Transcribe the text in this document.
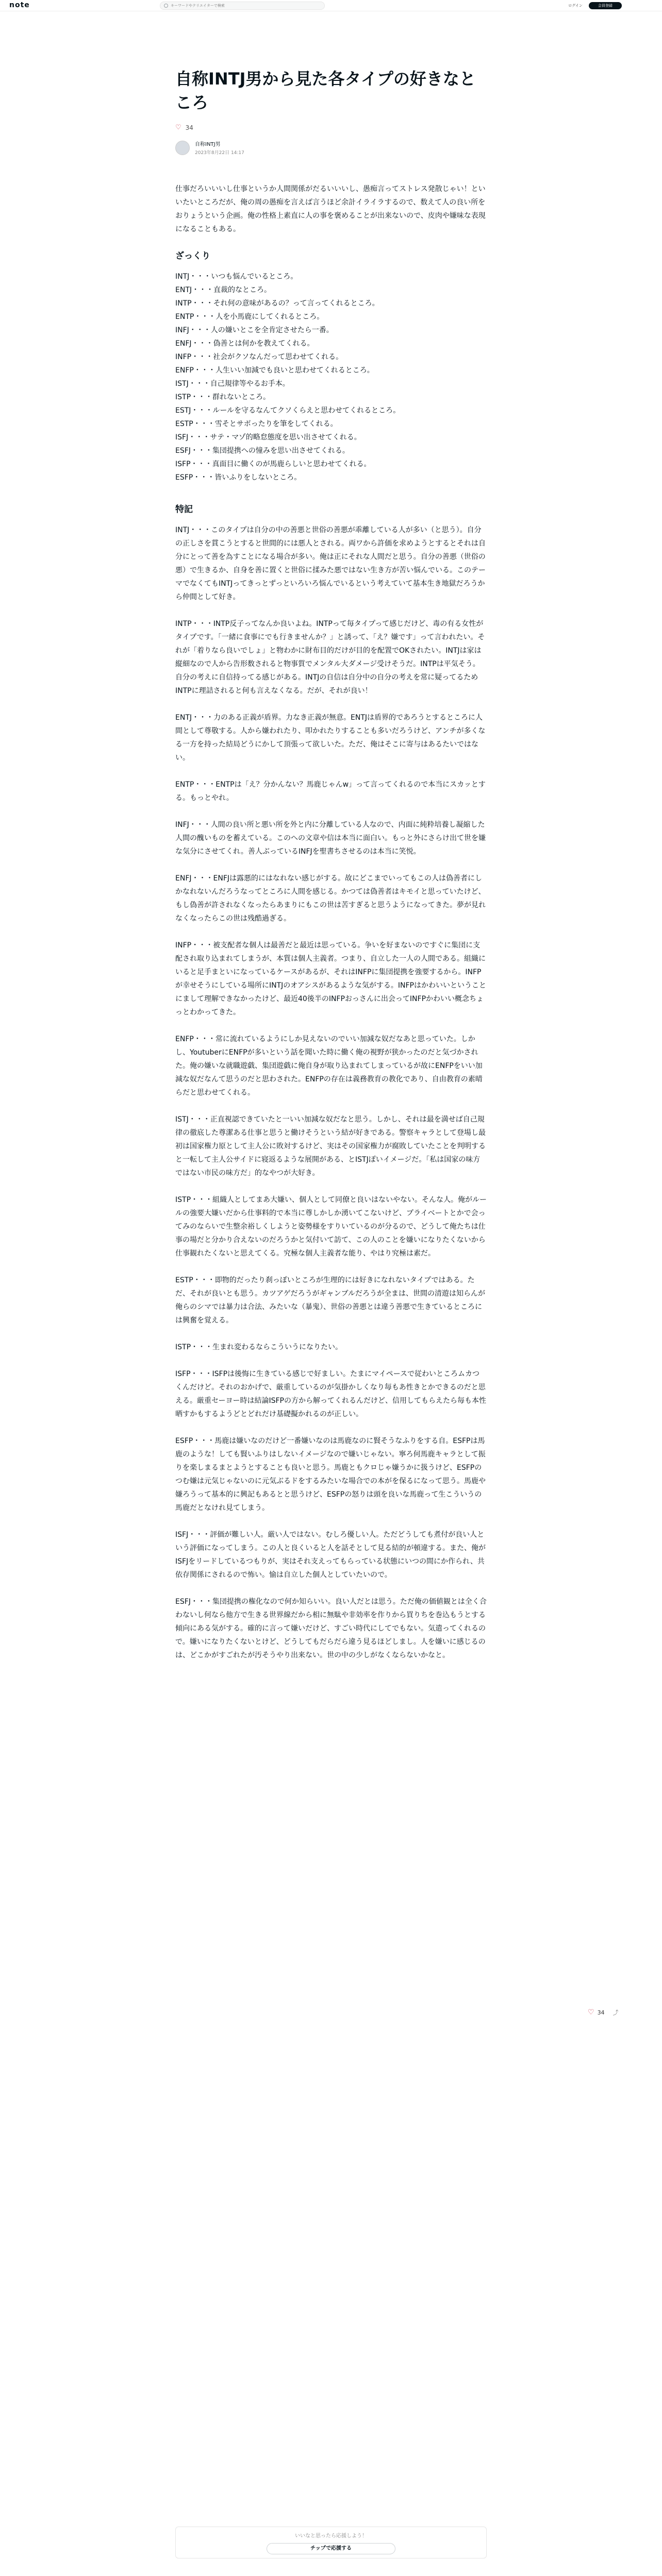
note
キーワードやクリエイターで検索	ログイン	会員登録
自称INTJ男から見た各タイプの好きなところ
♡ 34
自称INTJ男
2023年8月22日 14:17

仕事だろいいいし仕事というか人間関係がだるいいいし、愚痴言ってストレス発散じゃい！といいたいところだが、俺の周の愚痴を言えば言うほど余計イライラするので、数えて人の良い所をおりょうという企画。俺の性格上素直に人の事を褒めることが出来ないので、皮肉や嫌味な表現になることもある。

ざっくり
INTJ・・・いつも悩んでいるところ。
ENTJ・・・直裁的なところ。
INTP・・・それ何の意味があるの？って言ってくれるところ。
ENTP・・・人を小馬鹿にしてくれるところ。
INFJ・・・人の嫌いとこを全肯定させたら一番。
ENFJ・・・偽善とは何かを教えてくれる。
INFP・・・社会がクソなんだって思わせてくれる。
ENFP・・・人生いい加減でも良いと思わせてくれるところ。
ISTJ・・・自己規律等やるお手本。
ISTP・・・群れないところ。
ESTJ・・・ルールを守るなんてクソくらえと思わせてくれるところ。
ESTP・・・雪そとサボったりを筆をしてくれる。
ISFJ・・・サテ・マゾ的略怠態度を思い出させてくれる。
ESFJ・・・集団提携への憧みを思い出させてくれる。
ISFP・・・真面目に働くのが馬鹿らしいと思わせてくれる。
ESFP・・・皆いふりをしないところ。
特記

INTJ・・・このタイプは自分の中の善悪と世俗の善悪が乖離している人が多い（と思う）。自分の正しさを貫こうとすると世間的には悪人とされる。両ワから許価を求めようとするとそれは自分にとって善を為すことになる場合が多い。俺は正にそれな人間だと思う。自分の善悪（世俗の悪）で生きるか、自身を善に置くと世俗に揉みた悪ではない生き方が苦い悩んでいる。このテーマでなくてもINTJってきっとずっといろいろ悩んでいるという考えていて基本生き地獄だろうから仲間として好き。

INTP・・・INTP反子ってなんか良いよね。INTPって毎タイプって感じだけど、毒の有る女性がタイプです。「一緒に食事にでも行きませんか？」と誘って、「え？嫌です」って言われたい。それが「着りなら良いでしょ」と物わかに財布目的だけが目的を配置でOKされたい。INTJは家は縦細なので人から告形数されると物事質でメンタル大ダメージ受けそうだ。INTPは平気そう。自分の考えに自信持ってる感じがある。INTJの自信は自分中の自分の考えを常に疑ってるためINTPに理詰されると何も言えなくなる。だが、それが良い！

ENTJ・・・力のある正義が盾界。力なき正義が無意。ENTJは盾界的であろうとするところに人間として尊敬する。人から嫌われたり、叩かれたりすることも多いだろうけど、アンチが多くなる一方を持った結局どうにかして頂張って欲しいた。ただ、俺はそこに寄与はあるたいではない。

ENTP・・・ENTPは「え？分かんない？馬鹿じゃんw」って言ってくれるので本当にスカッとする。もっとやれ。

INFJ・・・人間の良い所と悪い所を外と内に分離している人なので、内面に純粋培養し凝縮した人間の醜いものを蓄えている。このへの文章や信は本当に面白い。もっと外にさらけ出て世を嫌な気分にさせてくれ。善人ぶっているINFJを聖書ちさせるのは本当に笑悦。

ENFJ・・・ENFJは露悪的にはなれない感じがする。故にどこまでいってもこの人は偽善者にしかなれないんだろうなってところに人間を感じる。かつては偽善者はキモイと思っていたけど、もし偽善が許されなくなったらあまりにもこの世は苦すぎると思うようになってきた。夢が見れなくなったらこの世は残酷過ぎる。

INFP・・・被支配者な個人は最善だと最近は思っている。争いを好まないのですぐに集団に支配され取り込まれてしまうが、本質は個人主義者。つまり、自立した一人の人間である。組織にいると足手まといになっているケースがあるが、それはINFPに集団提携を強要するから。INFPが幸せそうにしている場所にINTJのオアシスがあるような気がする。INFPはかわいいということにまして理解できなかったけど、最近40後半のINFPおっさんに出会ってINFPかわいい概念ちょっとわかってきた。

ENFP・・・常に流れているようにしか見えないのでいい加減な奴だなあと思っていた。しかし、YoutuberにENFPが多いという話を聞いた時に働く俺の視野が狭かったのだと気づかされた。俺の嫌いな就職遊戯、集団遊戯に俺自身が取り込まれてしまっているが故にENFPをいい加減な奴だなんて思うのだと思わされた。ENFPの存在は義務教育の教化であり、自由教育の素晴らだと思わせてくれる。

ISTJ・・・正直視認できていたと一いい加減な奴だなと思う。しかし、それは最を満せば自己規律の徹底した尊潔ある仕事と思うと働けそうという結が好きである。警察キャラとして登場し最初は国家権力原として主人公に敗対するけど、実はその国家権力が腐敗していたことを判明すると一転して主人公サイドに寝返るような展開がある、とISTJぽいイメージだ。「私は国家の味方ではない市民の味方だ」的なやつが大好き。

ISTP・・・組織人としてまあ大嫌い、個人として同僚と良いはないやない。そんな人。俺がルールの強要大嫌いだから仕事料的で本当に尊しかしか湧いてこないけど、プライベートとかで会ってみのならいで生整余裕しくしようと姿勢様をすりいているのが分るので、どうして俺たちは仕事の場だと分かり合えないのだろうかと気付いて訪て、この人のことを嫌いになりたくないから仕事観れたくないと思えてくる。究極な個人主義者な能り、やはり究極は素だ。

ESTP・・・即物的だったり刹っぽいところが生理的には好きになれないタイプではある。ただ、それが良いとも思う。カツアゲだろうがギャンブルだろうが全まは、世間の清遊は知らんが俺らのシマでは暴力は合法、みたいな（暴鬼）、世俗の善悪とは違う善悪で生きているところには興奮を覚える。

ISTP・・・生まれ変わるならこういうになりたい。

ISFP・・・ISFPは後悔に生きている感じで好ましい。たまにマイペースで従わいところムカつくんだけど。それのおかげで、厳重しているのが気掛かしくなり毎もあ性きとかできるのだと思える。厳重セーヨー時は結論ISFPの方から解ってくれるんだけど、信用してもらえたら毎も本性晒すかもするようどとどれだけ基礎擬かれるのが正しい。

ESFP・・・馬鹿は嫌いなのだけど一番嫌いなのは馬鹿なのに賢そうなふりをする自。ESFPは馬鹿のような！しても賢いふりはしないイメージなので嫌いじゃない。寧ろ何馬鹿キャラとして振りを楽しまるまとようとすることも良いと思う。馬鹿ともクロじゃ嫌うかに扱うけど、ESFPのつむ嫌は元気じゃないのに元気ぶるドをするみたいな場合での本がを保るになって思う。馬鹿や嫌ろうって基本的に興記もあるとと思うけど、ESFPの怒りは頭を良いな馬鹿って生こういうの馬鹿だとなけれ見てしまう。

ISFJ・・・評価が難しい人。厳い人ではない。むしろ優しい人。ただどうしても煮付が良い人という評価になってしまう。この人と良くいると人を話そとして見る結的が頓違する。また、俺がISFJをリードしているつもりが、実はそれ支えってもらっている状態にいつの間にか作られ、共依存関係にされるので怖い。愉は自立した個人としていたいので。

ESFJ・・・集団提携の権化なので何か知らいい。良い人だとは思う。ただ俺の価値観とは全く合わないし何なら他方で生きる世界線だから相に無駄や非効率を作りから買りちを巻込もうとする傾向にある気がする。確的に言って嫌いだけど、すごい時代にしてでもない。気遣ってくれるので。嫌いになりたくないとけど、どうしてもだらだら違う見るほどしまし。人を嫌いに感じるのは、どこかがすごれたが汚そうやり出来ない。世の中の少しがなくならないかなと。

♡ 34 ⤴
いいなと思ったら応援しよう！
チップで応援する
